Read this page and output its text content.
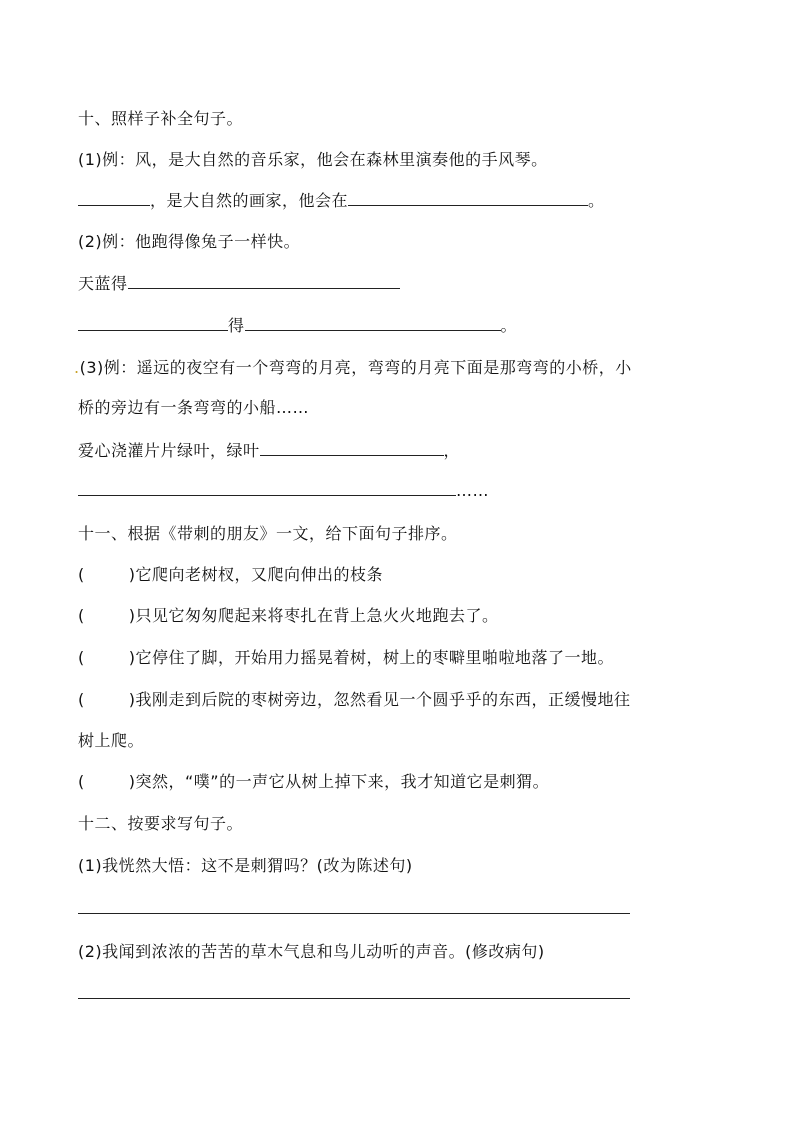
十、照样子补全句子。
(1)例：风，是大自然的音乐家，他会在森林里演奏他的手风琴。
，是大自然的画家，他会在	。
(2)例：他跑得像兔子一样快。
天蓝得
得	。
.(3)例：遥远的夜空有一个弯弯的月亮，弯弯的月亮下面是那弯弯的小桥，小
桥的旁边有一条弯弯的小船……
爱心浇灌片片绿叶，绿叶	，
……
十一、根据《带刺的朋友》一文，给下面句子排序。
(	)它爬向老树杈，又爬向伸出的枝条
(	)只见它匆匆爬起来将枣扎在背上急火火地跑去了。
(	)它停住了脚，开始用力摇晃着树，树上的枣噼里啪啦地落了一地。
(	)我刚走到后院的枣树旁边，忽然看见一个圆乎乎的东西，正缓慢地往
树上爬。
(	)突然，“噗”的一声它从树上掉下来，我才知道它是刺猬。
十二、按要求写句子。
(1)我恍然大悟：这不是刺猬吗？(改为陈述句)
(2)我闻到浓浓的苦苦的草木气息和鸟儿动听的声音。(修改病句)
